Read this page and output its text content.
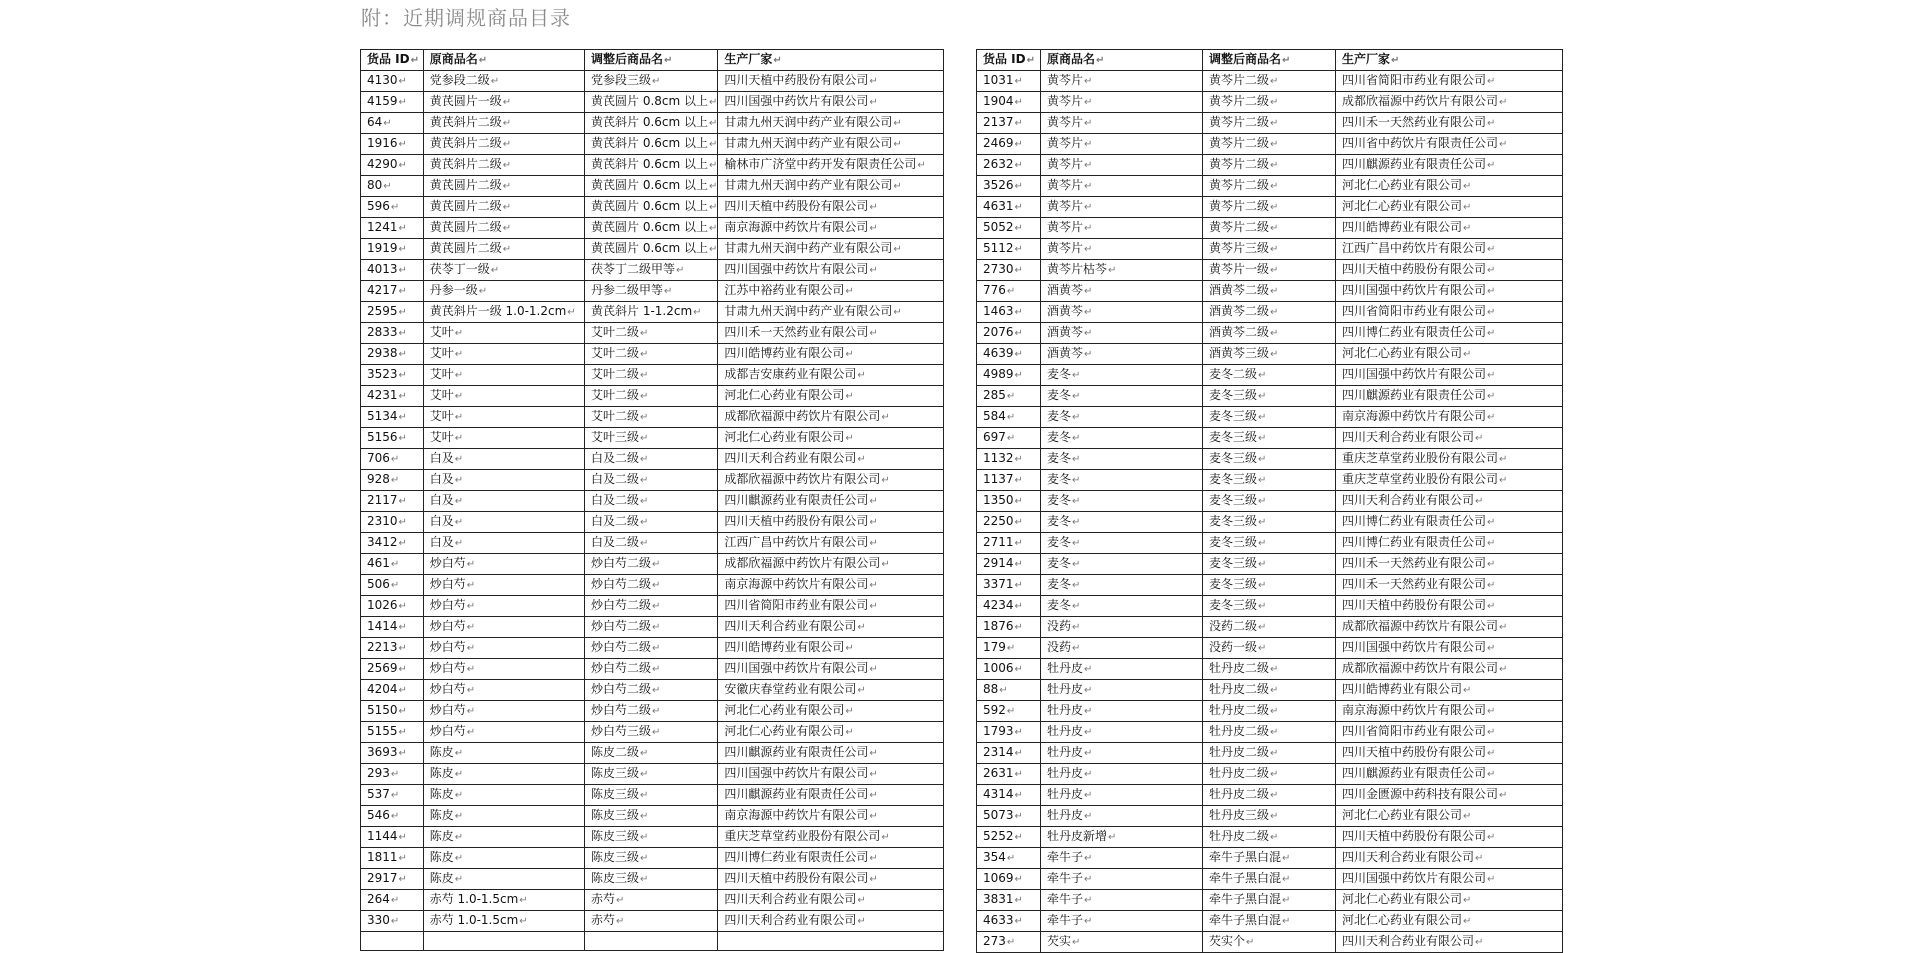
附：近期调规商品目录
货品 ID↵	原商品名↵	调整后商品名↵	生产厂家↵
4130↵	党参段二级↵	党参段三级↵	四川天植中药股份有限公司↵
4159↵	黄芪圆片一级↵	黄芪圆片 0.8cm 以上↵	四川国强中药饮片有限公司↵
64↵	黄芪斜片二级↵	黄芪斜片 0.6cm 以上↵	甘肃九州天润中药产业有限公司↵
1916↵	黄芪斜片二级↵	黄芪斜片 0.6cm 以上↵	甘肃九州天润中药产业有限公司↵
4290↵	黄芪斜片二级↵	黄芪斜片 0.6cm 以上↵	榆林市广济堂中药开发有限责任公司↵
80↵	黄芪圆片二级↵	黄芪圆片 0.6cm 以上↵	甘肃九州天润中药产业有限公司↵
596↵	黄芪圆片二级↵	黄芪圆片 0.6cm 以上↵	四川天植中药股份有限公司↵
1241↵	黄芪圆片二级↵	黄芪圆片 0.6cm 以上↵	南京海源中药饮片有限公司↵
1919↵	黄芪圆片二级↵	黄芪圆片 0.6cm 以上↵	甘肃九州天润中药产业有限公司↵
4013↵	茯苓丁一级↵	茯苓丁二级甲等↵	四川国强中药饮片有限公司↵
4217↵	丹参一级↵	丹参二级甲等↵	江苏中裕药业有限公司↵
2595↵	黄芪斜片一级 1.0-1.2cm↵	黄芪斜片 1-1.2cm↵	甘肃九州天润中药产业有限公司↵
2833↵	艾叶↵	艾叶二级↵	四川禾一天然药业有限公司↵
2938↵	艾叶↵	艾叶二级↵	四川皓博药业有限公司↵
3523↵	艾叶↵	艾叶二级↵	成都吉安康药业有限公司↵
4231↵	艾叶↵	艾叶二级↵	河北仁心药业有限公司↵
5134↵	艾叶↵	艾叶二级↵	成都欣福源中药饮片有限公司↵
5156↵	艾叶↵	艾叶三级↵	河北仁心药业有限公司↵
706↵	白及↵	白及二级↵	四川天利合药业有限公司↵
928↵	白及↵	白及二级↵	成都欣福源中药饮片有限公司↵
2117↵	白及↵	白及二级↵	四川麒源药业有限责任公司↵
2310↵	白及↵	白及二级↵	四川天植中药股份有限公司↵
3412↵	白及↵	白及二级↵	江西广昌中药饮片有限公司↵
461↵	炒白芍↵	炒白芍二级↵	成都欣福源中药饮片有限公司↵
506↵	炒白芍↵	炒白芍二级↵	南京海源中药饮片有限公司↵
1026↵	炒白芍↵	炒白芍二级↵	四川省简阳市药业有限公司↵
1414↵	炒白芍↵	炒白芍二级↵	四川天利合药业有限公司↵
2213↵	炒白芍↵	炒白芍二级↵	四川皓博药业有限公司↵
2569↵	炒白芍↵	炒白芍二级↵	四川国强中药饮片有限公司↵
4204↵	炒白芍↵	炒白芍二级↵	安徽庆春堂药业有限公司↵
5150↵	炒白芍↵	炒白芍二级↵	河北仁心药业有限公司↵
5155↵	炒白芍↵	炒白芍三级↵	河北仁心药业有限公司↵
3693↵	陈皮↵	陈皮二级↵	四川麒源药业有限责任公司↵
293↵	陈皮↵	陈皮三级↵	四川国强中药饮片有限公司↵
537↵	陈皮↵	陈皮三级↵	四川麒源药业有限责任公司↵
546↵	陈皮↵	陈皮三级↵	南京海源中药饮片有限公司↵
1144↵	陈皮↵	陈皮三级↵	重庆芝草堂药业股份有限公司↵
1811↵	陈皮↵	陈皮三级↵	四川博仁药业有限责任公司↵
2917↵	陈皮↵	陈皮三级↵	四川天植中药股份有限公司↵
264↵	赤芍 1.0-1.5cm↵	赤芍↵	四川天利合药业有限公司↵
330↵	赤芍 1.0-1.5cm↵	赤芍↵	四川天利合药业有限公司↵

货品 ID↵	原商品名↵	调整后商品名↵	生产厂家↵
1031↵	黄芩片↵	黄芩片二级↵	四川省简阳市药业有限公司↵
1904↵	黄芩片↵	黄芩片二级↵	成都欣福源中药饮片有限公司↵
2137↵	黄芩片↵	黄芩片二级↵	四川禾一天然药业有限公司↵
2469↵	黄芩片↵	黄芩片二级↵	四川省中药饮片有限责任公司↵
2632↵	黄芩片↵	黄芩片二级↵	四川麒源药业有限责任公司↵
3526↵	黄芩片↵	黄芩片二级↵	河北仁心药业有限公司↵
4631↵	黄芩片↵	黄芩片二级↵	河北仁心药业有限公司↵
5052↵	黄芩片↵	黄芩片二级↵	四川皓博药业有限公司↵
5112↵	黄芩片↵	黄芩片三级↵	江西广昌中药饮片有限公司↵
2730↵	黄芩片枯芩↵	黄芩片一级↵	四川天植中药股份有限公司↵
776↵	酒黄芩↵	酒黄芩二级↵	四川国强中药饮片有限公司↵
1463↵	酒黄芩↵	酒黄芩二级↵	四川省简阳市药业有限公司↵
2076↵	酒黄芩↵	酒黄芩二级↵	四川博仁药业有限责任公司↵
4639↵	酒黄芩↵	酒黄芩三级↵	河北仁心药业有限公司↵
4989↵	麦冬↵	麦冬二级↵	四川国强中药饮片有限公司↵
285↵	麦冬↵	麦冬三级↵	四川麒源药业有限责任公司↵
584↵	麦冬↵	麦冬三级↵	南京海源中药饮片有限公司↵
697↵	麦冬↵	麦冬三级↵	四川天利合药业有限公司↵
1132↵	麦冬↵	麦冬三级↵	重庆芝草堂药业股份有限公司↵
1137↵	麦冬↵	麦冬三级↵	重庆芝草堂药业股份有限公司↵
1350↵	麦冬↵	麦冬三级↵	四川天利合药业有限公司↵
2250↵	麦冬↵	麦冬三级↵	四川博仁药业有限责任公司↵
2711↵	麦冬↵	麦冬三级↵	四川博仁药业有限责任公司↵
2914↵	麦冬↵	麦冬三级↵	四川禾一天然药业有限公司↵
3371↵	麦冬↵	麦冬三级↵	四川禾一天然药业有限公司↵
4234↵	麦冬↵	麦冬三级↵	四川天植中药股份有限公司↵
1876↵	没药↵	没药二级↵	成都欣福源中药饮片有限公司↵
179↵	没药↵	没药一级↵	四川国强中药饮片有限公司↵
1006↵	牡丹皮↵	牡丹皮二级↵	成都欣福源中药饮片有限公司↵
88↵	牡丹皮↵	牡丹皮二级↵	四川皓博药业有限公司↵
592↵	牡丹皮↵	牡丹皮二级↵	南京海源中药饮片有限公司↵
1793↵	牡丹皮↵	牡丹皮二级↵	四川省简阳市药业有限公司↵
2314↵	牡丹皮↵	牡丹皮二级↵	四川天植中药股份有限公司↵
2631↵	牡丹皮↵	牡丹皮二级↵	四川麒源药业有限责任公司↵
4314↵	牡丹皮↵	牡丹皮二级↵	四川金匮源中药科技有限公司↵
5073↵	牡丹皮↵	牡丹皮三级↵	河北仁心药业有限公司↵
5252↵	牡丹皮新增↵	牡丹皮二级↵	四川天植中药股份有限公司↵
354↵	牵牛子↵	牵牛子黑白混↵	四川天利合药业有限公司↵
1069↵	牵牛子↵	牵牛子黑白混↵	四川国强中药饮片有限公司↵
3831↵	牵牛子↵	牵牛子黑白混↵	河北仁心药业有限公司↵
4633↵	牵牛子↵	牵牛子黑白混↵	河北仁心药业有限公司↵
273↵	芡实↵	芡实个↵	四川天利合药业有限公司↵
